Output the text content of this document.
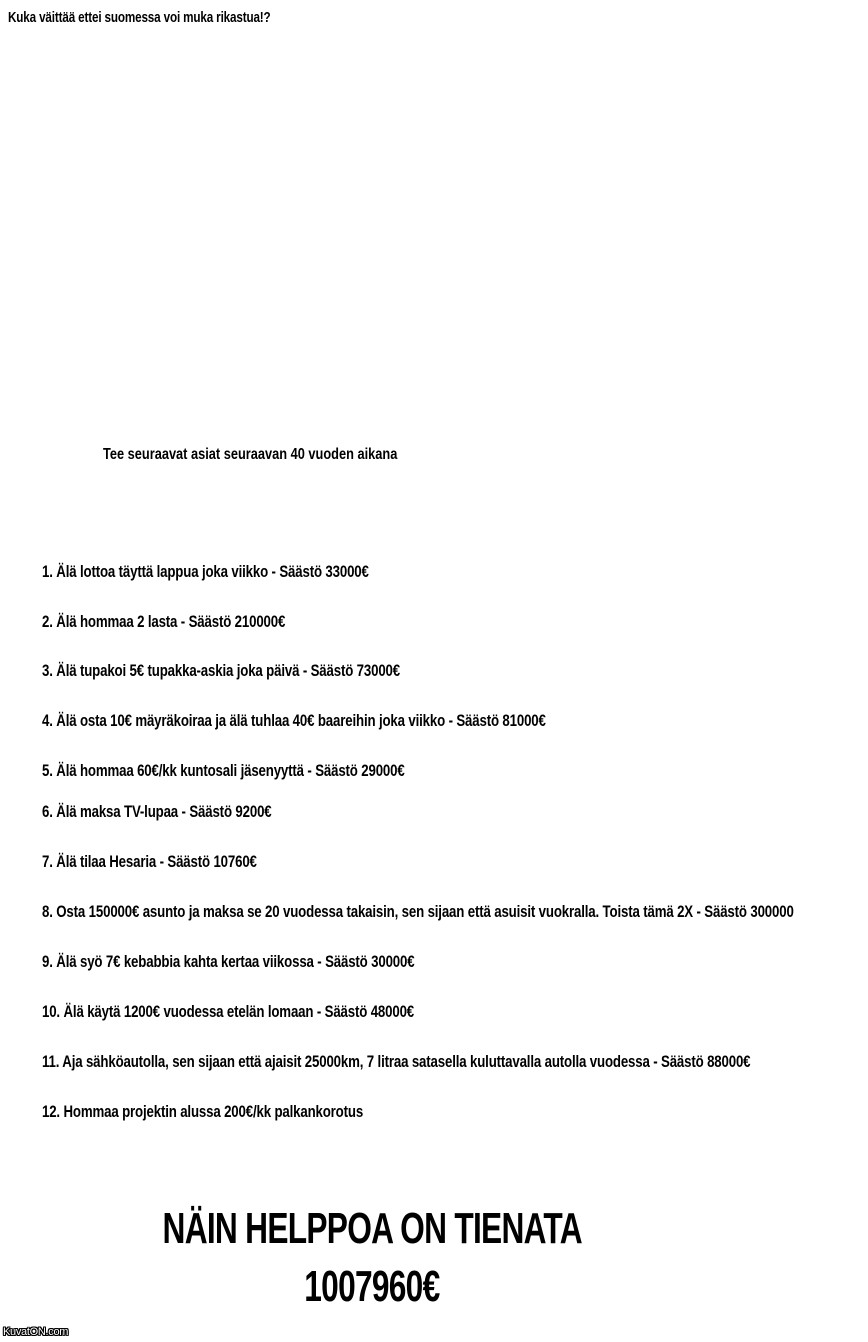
Kuka väittää ettei suomessa voi muka rikastua!?
Tee seuraavat asiat seuraavan 40 vuoden aikana
1. Älä lottoa täyttä lappua joka viikko - Säästö 33000€
2. Älä hommaa 2 lasta - Säästö 210000€
3. Älä tupakoi 5€ tupakka-askia joka päivä - Säästö 73000€
4. Älä osta 10€ mäyräkoiraa ja älä tuhlaa 40€ baareihin joka viikko - Säästö 81000€
5. Älä hommaa 60€/kk kuntosali jäsenyyttä - Säästö 29000€
6. Älä maksa TV-lupaa - Säästö 9200€
7. Älä tilaa Hesaria - Säästö 10760€
8. Osta 150000€ asunto ja maksa se 20 vuodessa takaisin, sen sijaan että asuisit vuokralla. Toista tämä 2X - Säästö 300000
9. Älä syö 7€ kebabbia kahta kertaa viikossa - Säästö 30000€
10. Älä käytä 1200€ vuodessa etelän lomaan - Säästö 48000€
11. Aja sähköautolla, sen sijaan että ajaisit 25000km, 7 litraa satasella kuluttavalla autolla vuodessa - Säästö 88000€
12. Hommaa projektin alussa 200€/kk palkankorotus
NÄIN HELPPOA ON TIENATA
1007960€
KuvatON.com
